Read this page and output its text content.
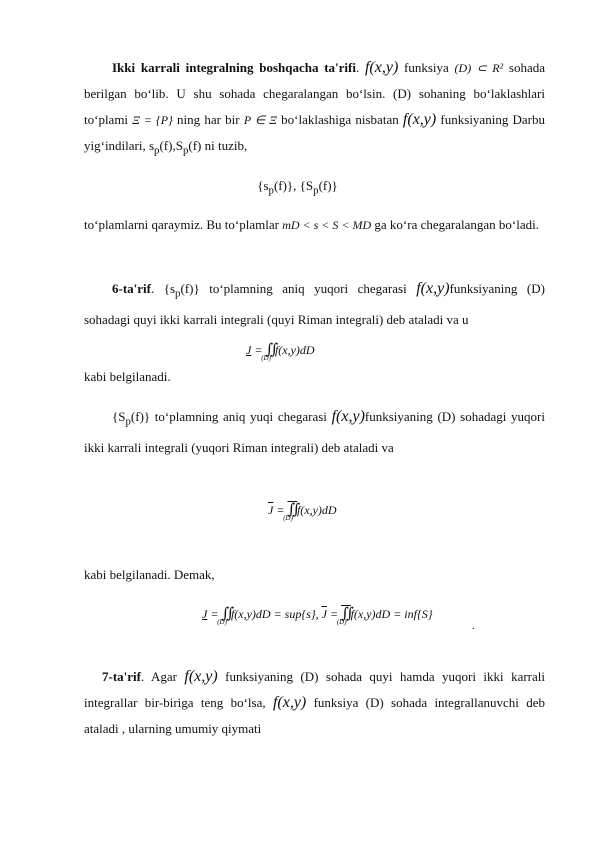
Ikki karrali integralning boshqacha ta'rifi. f(x,y) funksiya (D) ⊂ R² sohada berilgan bo‘lib. U shu sohada chegaralangan bo‘lsin. (D) sohaning bo‘laklashlari to‘plami Ξ = {P} ning har bir P ∈ Ξ bo‘laklashiga nisbatan f(x,y) funksiyaning Darbu yig‘indilari, $s_p(f),S_p(f)$ ni tuzib,

$\{s_p(f)\}$, $\{S_p(f)\}$

to‘plamlarni qaraymiz. Bu to‘plamlar mD < s < S < MD ga ko‘ra chegaralangan bo‘ladi.

6-ta'rif. $\{s_p(f)\}$ to‘plamning aniq yuqori chegarasi f(x,y)funksiyaning (D) sohadagi quyi ikki karrali integrali (quyi Riman integrali) deb ataladi va u

$J = ∬_{(D)}f(x,y)dD$

kabi belgilanadi.

$\{S_p(f)\}$ to‘plamning aniq yuqi chegarasi f(x,y)funksiyaning (D) sohadagi yuqori ikki karrali integrali (yuqori Riman integrali) deb ataladi va

$\overline{J}$ = $∬_{(D)}f(x,y)dD$

kabi belgilanadi. Demak,

$J = ∬_{(D)}f(x,y)dD = sup\{s\}$, $\overline{J}$ = $∬_{(D)}f(x,y)dD = inf\{S\}$
.

7-ta'rif. Agar f(x,y) funksiyaning (D) sohada quyi hamda yuqori ikki karrali integrallar bir-biriga teng bo‘lsa, f(x,y) funksiya (D) sohada integrallanuvchi deb ataladi , ularning umumiy qiymati
